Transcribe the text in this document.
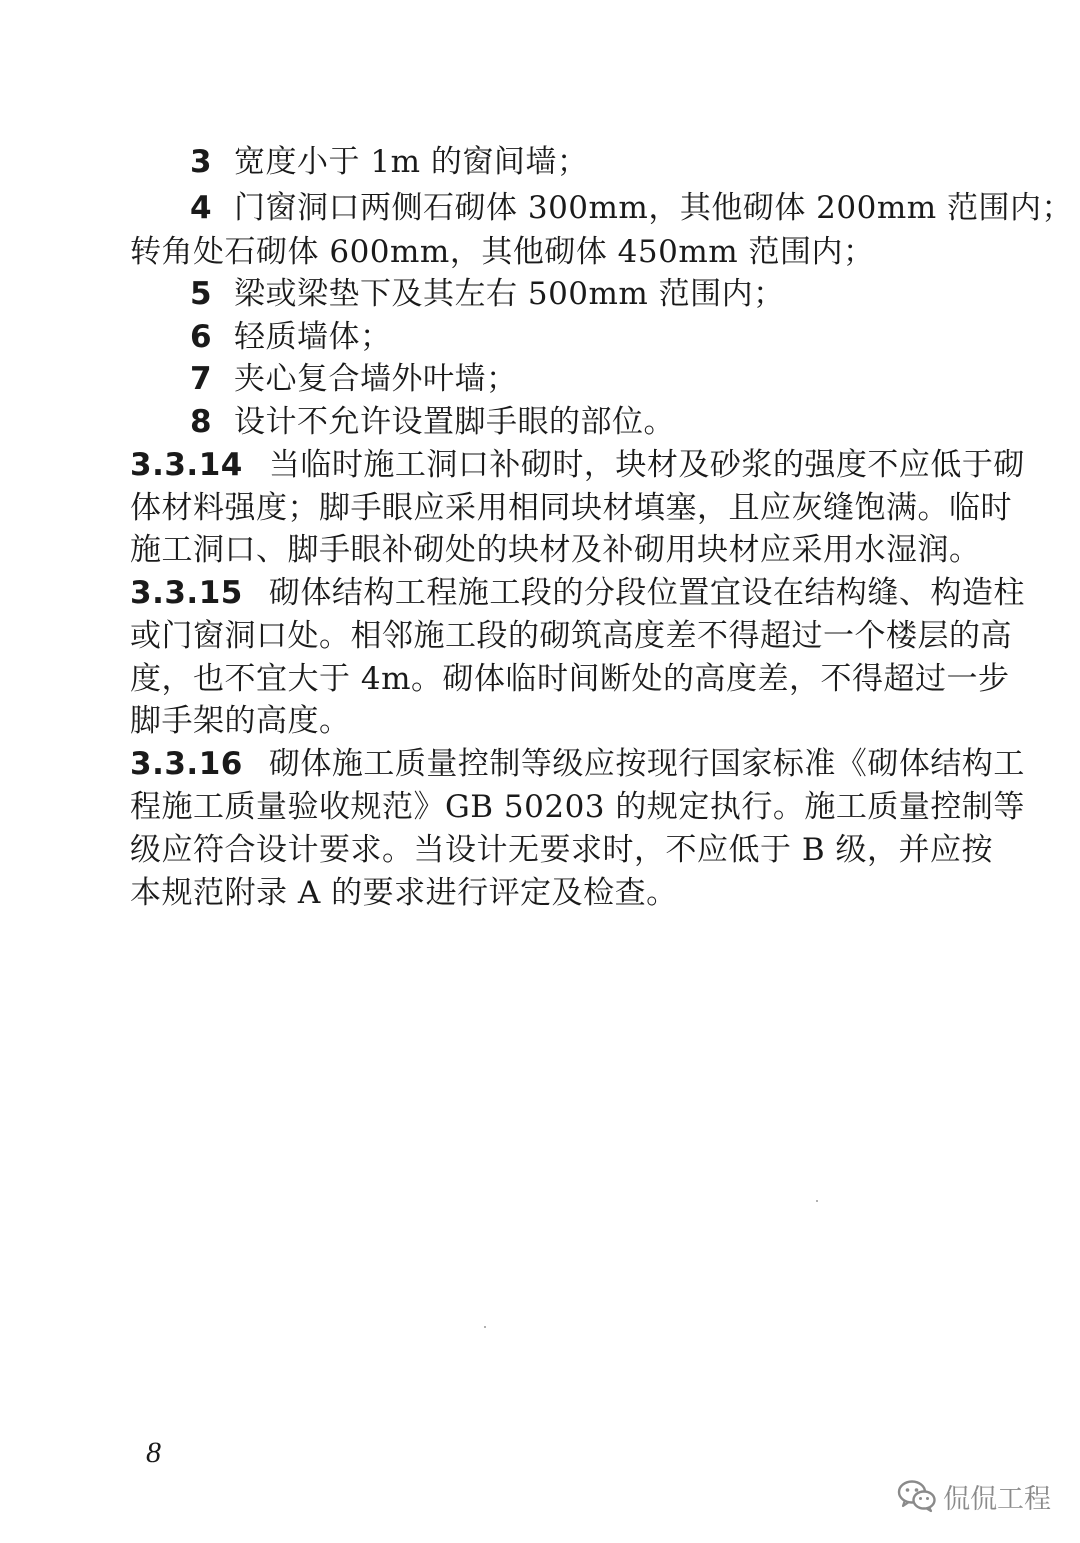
3 宽度小于 1m 的窗间墙；
4 门窗洞口两侧石砌体 300mm，其他砌体 200mm 范围内；
转角处石砌体 600mm，其他砌体 450mm 范围内；
5 梁或梁垫下及其左右 500mm 范围内；
6 轻质墙体；
7 夹心复合墙外叶墙；
8 设计不允许设置脚手眼的部位。
3.3.14 当临时施工洞口补砌时，块材及砂浆的强度不应低于砌
体材料强度；脚手眼应采用相同块材填塞，且应灰缝饱满。临时
施工洞口、脚手眼补砌处的块材及补砌用块材应采用水湿润。
3.3.15 砌体结构工程施工段的分段位置宜设在结构缝、构造柱
或门窗洞口处。相邻施工段的砌筑高度差不得超过一个楼层的高
度，也不宜大于 4m。砌体临时间断处的高度差，不得超过一步
脚手架的高度。
3.3.16 砌体施工质量控制等级应按现行国家标准《砌体结构工
程施工质量验收规范》GB 50203 的规定执行。施工质量控制等
级应符合设计要求。当设计无要求时，不应低于 B 级，并应按
本规范附录 A 的要求进行评定及检查。
8
侃侃工程
